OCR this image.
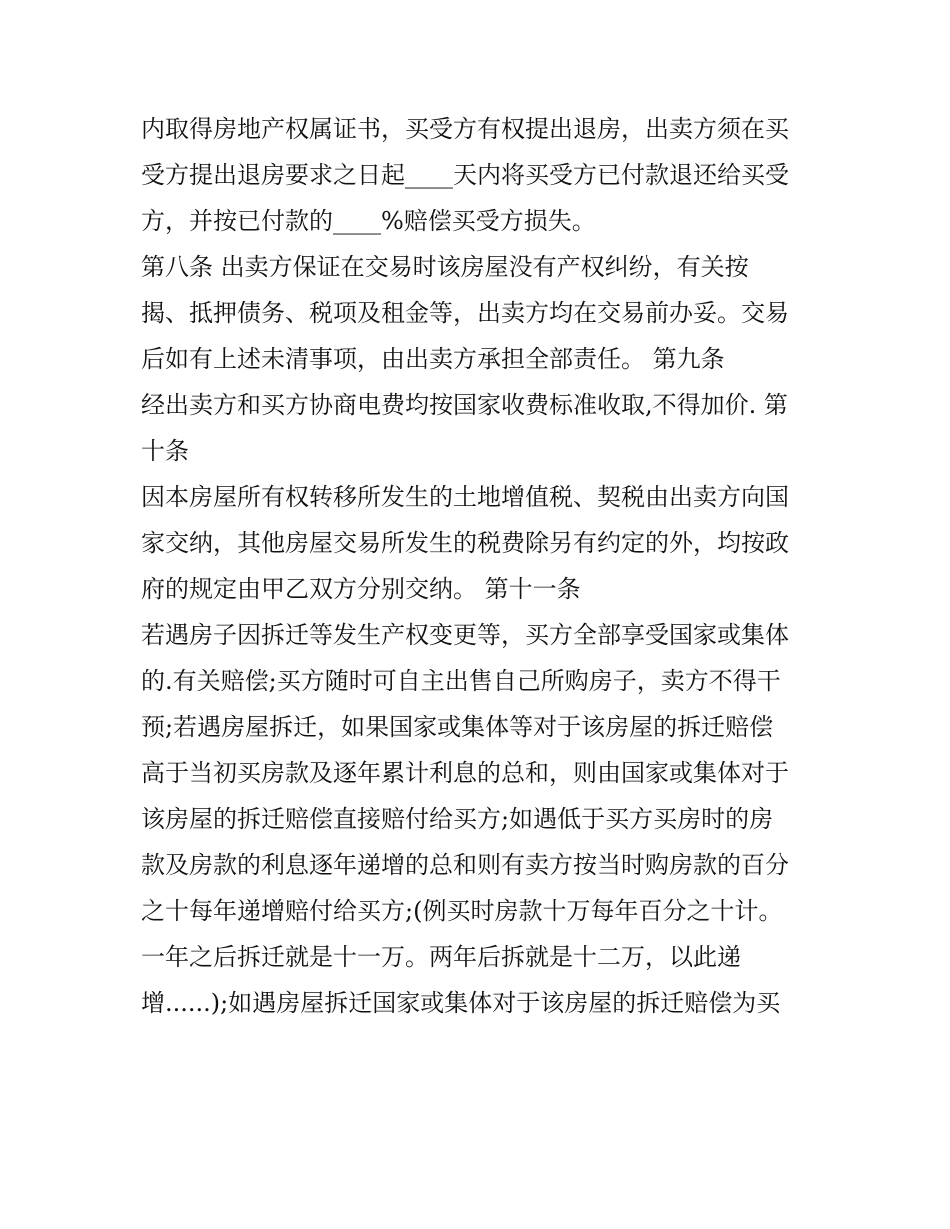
内取得房地产权属证书，买受方有权提出退房，出卖方须在买
受方提出退房要求之日起____天内将买受方已付款退还给买受
方，并按已付款的____%赔偿买受方损失。
第八条 出卖方保证在交易时该房屋没有产权纠纷，有关按
揭、抵押债务、税项及租金等，出卖方均在交易前办妥。交易
后如有上述未清事项，由出卖方承担全部责任。 第九条
经出卖方和买方协商电费均按国家收费标准收取,不得加价. 第
十条
因本房屋所有权转移所发生的土地增值税、契税由出卖方向国
家交纳，其他房屋交易所发生的税费除另有约定的外，均按政
府的规定由甲乙双方分别交纳。 第十一条
若遇房子因拆迁等发生产权变更等，买方全部享受国家或集体
的.有关赔偿;买方随时可自主出售自己所购房子，卖方不得干
预;若遇房屋拆迁，如果国家或集体等对于该房屋的拆迁赔偿
高于当初买房款及逐年累计利息的总和，则由国家或集体对于
该房屋的拆迁赔偿直接赔付给买方;如遇低于买方买房时的房
款及房款的利息逐年递增的总和则有卖方按当时购房款的百分
之十每年递增赔付给买方;(例买时房款十万每年百分之十计。
一年之后拆迁就是十一万。两年后拆就是十二万，以此递
增......);如遇房屋拆迁国家或集体对于该房屋的拆迁赔偿为买
